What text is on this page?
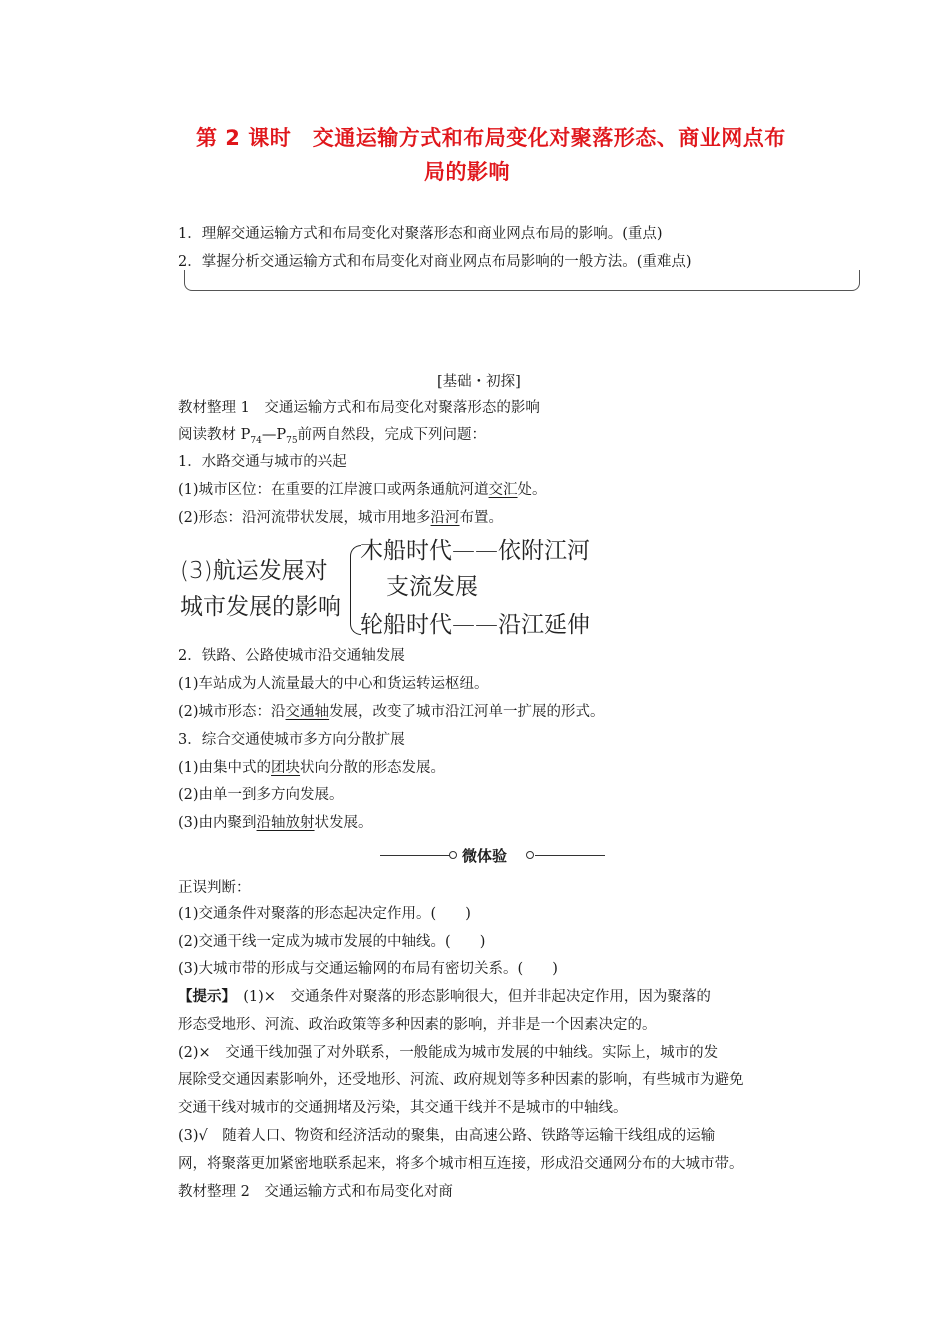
第 2 课时　交通运输方式和布局变化对聚落形态、商业网点布
局的影响
1．理解交通运输方式和布局变化对聚落形态和商业网点布局的影响。(重点)
2．掌握分析交通运输方式和布局变化对商业网点布局影响的一般方法。(重难点)
[基础・初探]
教材整理 1　交通运输方式和布局变化对聚落形态的影响
阅读教材 $P_{74}—P_{75}$前两自然段，完成下列问题：
1．水路交通与城市的兴起
(1)城市区位：在重要的江岸渡口或两条通航河道交汇处。
(2)形态：沿河流带状发展，城市用地多沿河布置。
(3)航运发展对
城市发展的影响
木船时代——依附江河
支流发展
轮船时代——沿江延伸
2．铁路、公路使城市沿交通轴发展
(1)车站成为人流量最大的中心和货运转运枢纽。
(2)城市形态：沿交通轴发展，改变了城市沿江河单一扩展的形式。
3．综合交通使城市多方向分散扩展
(1)由集中式的团块状向分散的形态发展。
(2)由单一到多方向发展。
(3)由内聚到沿轴放射状发展。
微体验
正误判断：
(1)交通条件对聚落的形态起决定作用。(　　)
(2)交通干线一定成为城市发展的中轴线。(　　)
(3)大城市带的形成与交通运输网的布局有密切关系。(　　)
【提示】　(1)×　交通条件对聚落的形态影响很大，但并非起决定作用，因为聚落的
形态受地形、河流、政治政策等多种因素的影响，并非是一个因素决定的。
(2)×　交通干线加强了对外联系，一般能成为城市发展的中轴线。实际上，城市的发
展除受交通因素影响外，还受地形、河流、政府规划等多种因素的影响，有些城市为避免
交通干线对城市的交通拥堵及污染，其交通干线并不是城市的中轴线。
(3)√　随着人口、物资和经济活动的聚集，由高速公路、铁路等运输干线组成的运输
网，将聚落更加紧密地联系起来，将多个城市相互连接，形成沿交通网分布的大城市带。
教材整理 2　交通运输方式和布局变化对商
